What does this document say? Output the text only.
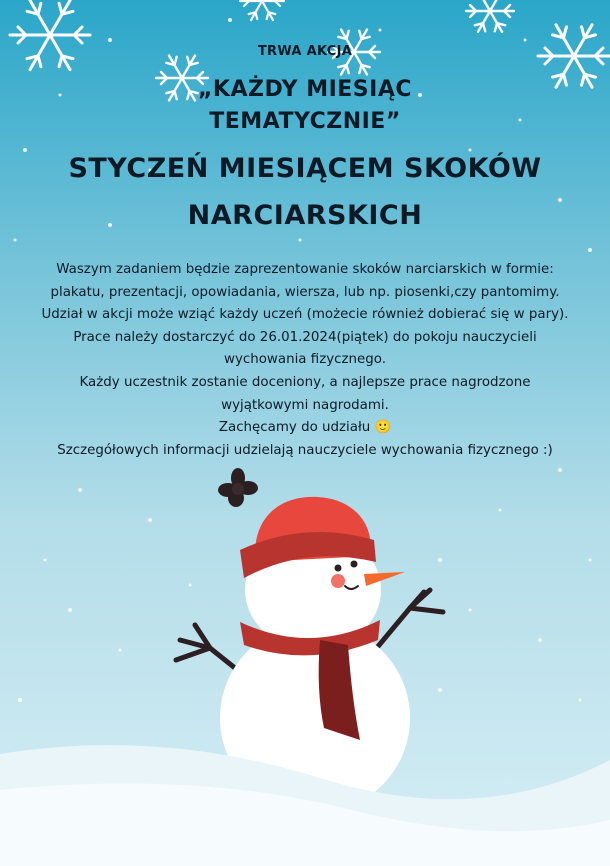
TRWA AKCJA
„KAŻDY MIESIĄC
TEMATYCZNIE”
STYCZEŃ MIESIĄCEM SKOKÓW
NARCIARSKICH
Waszym zadaniem będzie zaprezentowanie skoków narciarskich w formie:
plakatu, prezentacji, opowiadania, wiersza, lub np. piosenki,czy pantomimy.
Udział w akcji może wziąć każdy uczeń (możecie również dobierać się w pary).
Prace należy dostarczyć do 26.01.2024(piątek) do pokoju nauczycieli
wychowania fizycznego.
Każdy uczestnik zostanie doceniony, a najlepsze prace nagrodzone
wyjątkowymi nagrodami.
Zachęcamy do udziału 🙂
Szczegółowych informacji udzielają nauczyciele wychowania fizycznego :)
